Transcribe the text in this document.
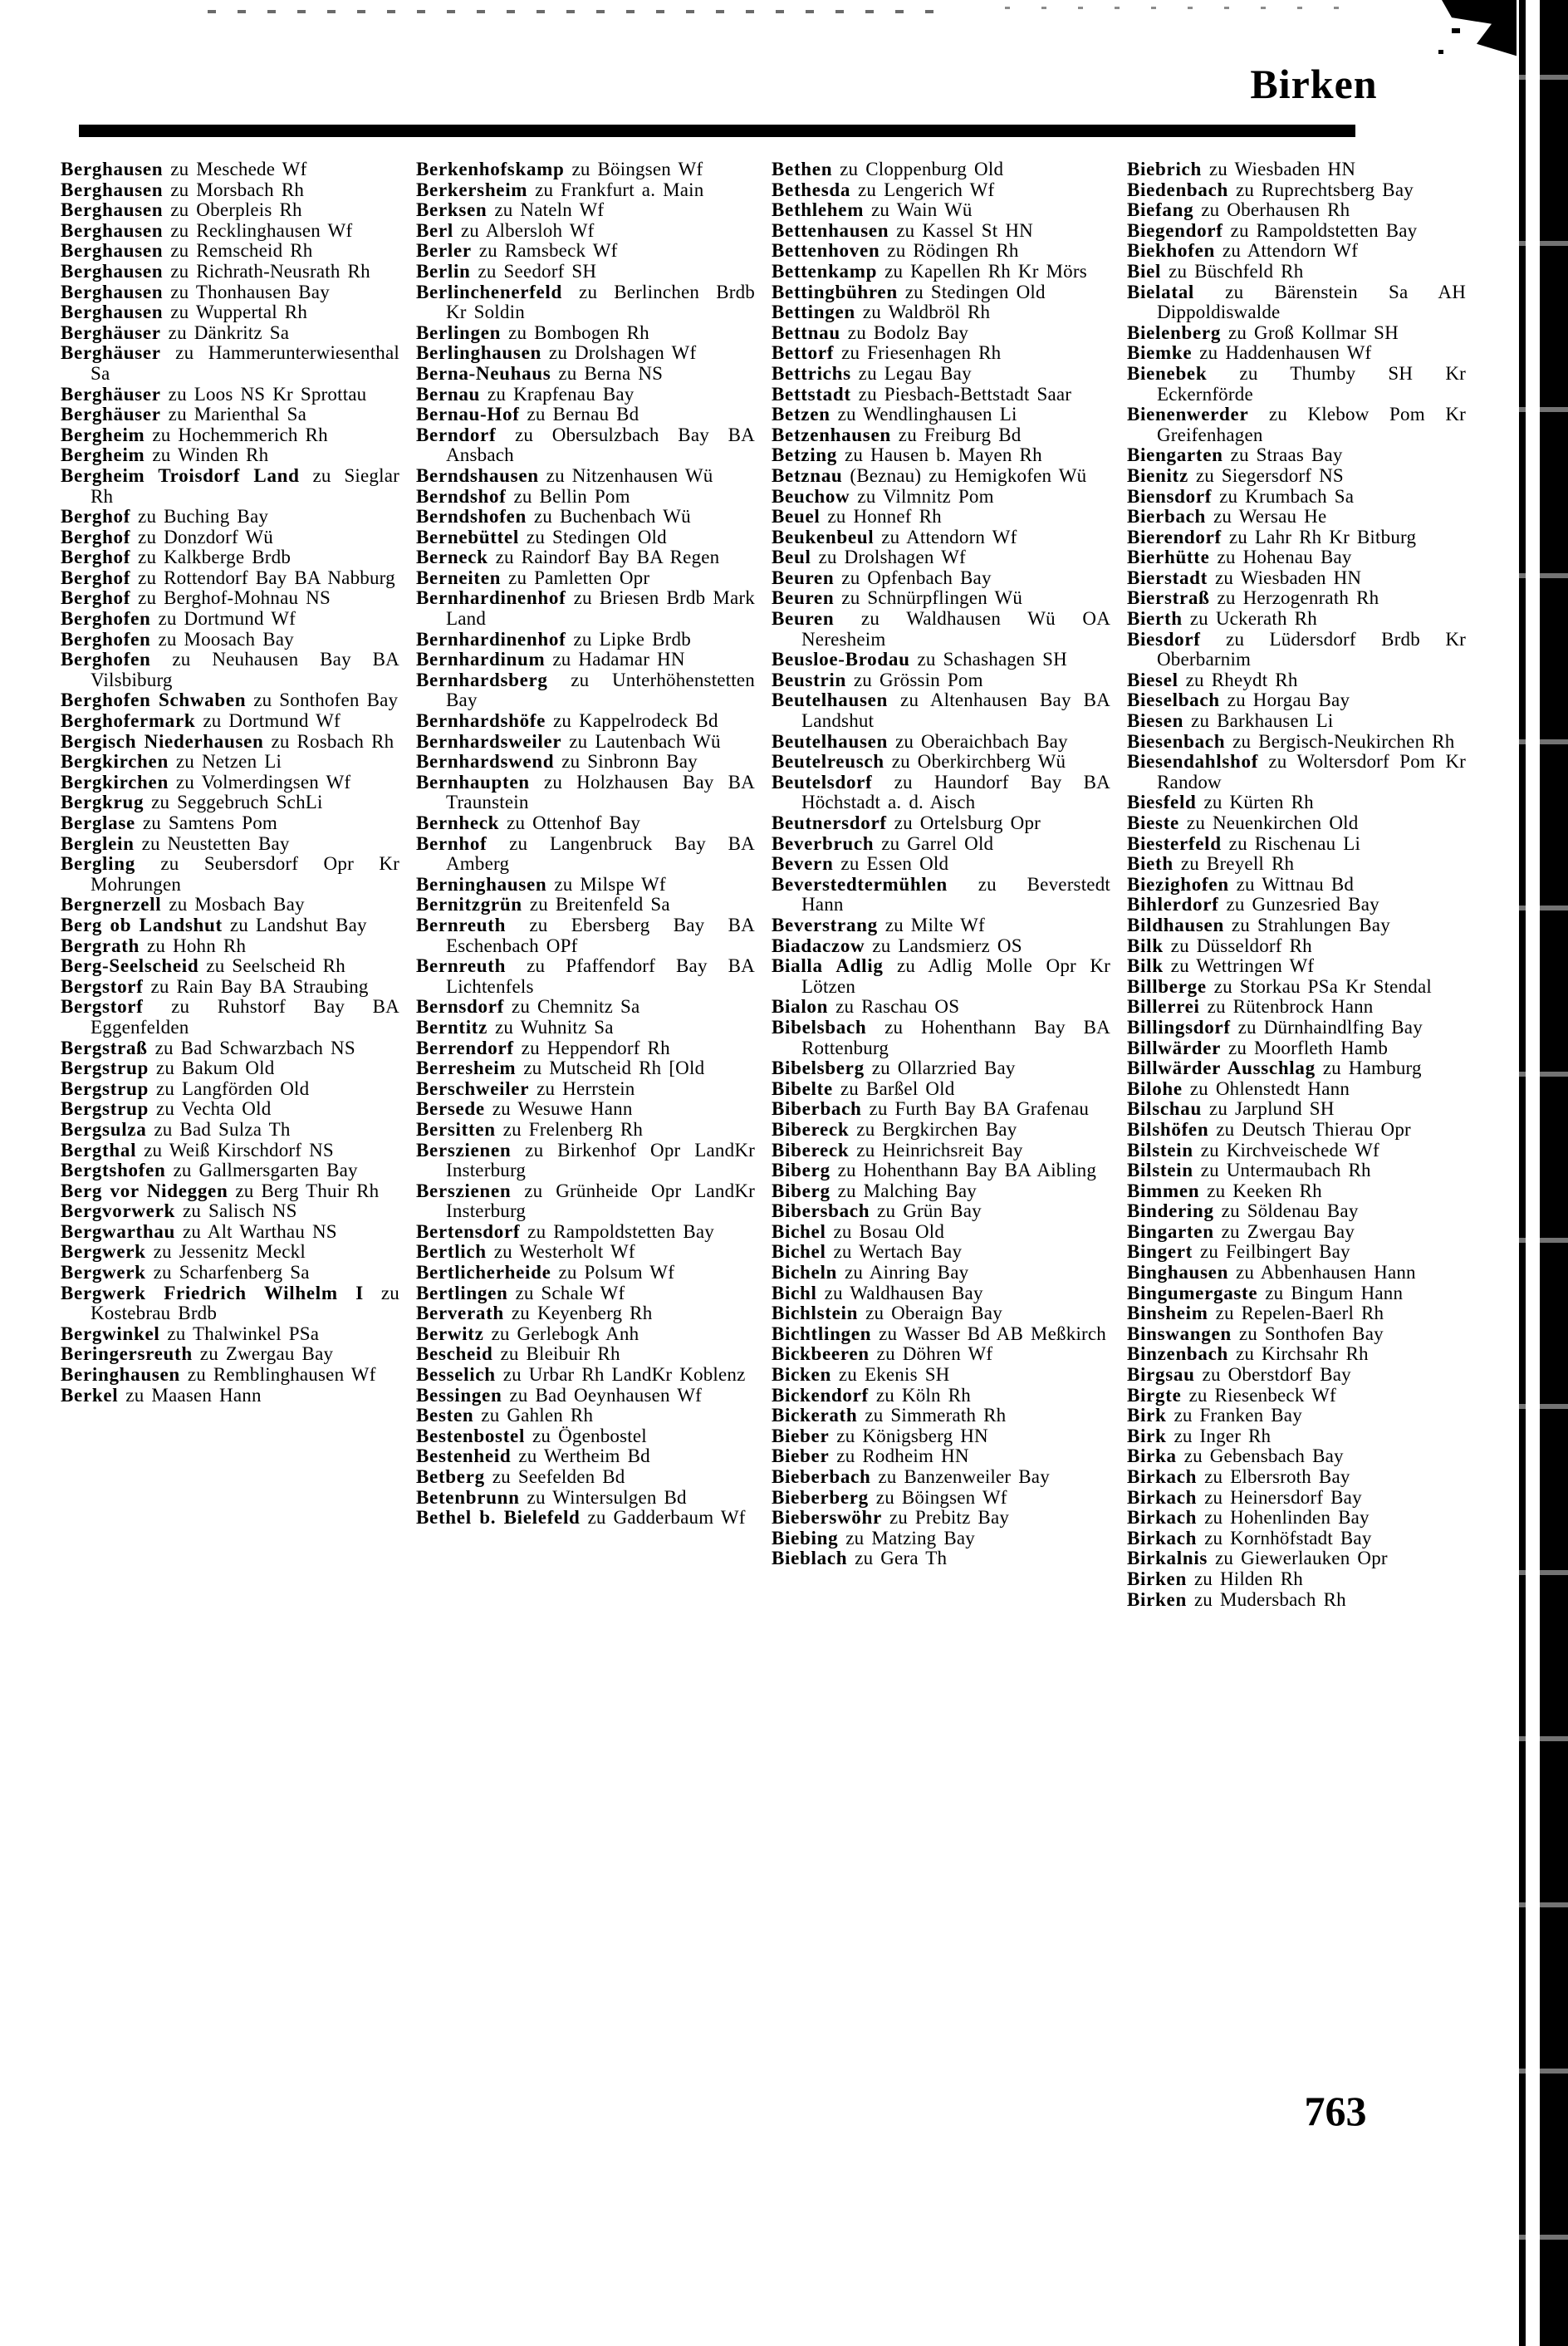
Birken
Berghausen zu Meschede Wf
Berghausen zu Morsbach Rh
Berghausen zu Oberpleis Rh
Berghausen zu Recklinghausen Wf
Berghausen zu Remscheid Rh
Berghausen zu Richrath-Neusrath Rh
Berghausen zu Thonhausen Bay
Berghausen zu Wuppertal Rh
Berghäuser zu Dänkritz Sa
Berghäuser zu Hammerunterwiesenthal Sa
Berghäuser zu Loos NS Kr Sprottau
Berghäuser zu Marienthal Sa
Bergheim zu Hochemmerich Rh
Bergheim zu Winden Rh
Bergheim Troisdorf Land zu Sieglar Rh
Berghof zu Buching Bay
Berghof zu Donzdorf Wü
Berghof zu Kalkberge Brdb
Berghof zu Rottendorf Bay BA Nabburg
Berghof zu Berghof-Mohnau NS
Berghofen zu Dortmund Wf
Berghofen zu Moosach Bay
Berghofen zu Neuhausen Bay BA Vilsbiburg
Berghofen Schwaben zu Sonthofen Bay
Berghofermark zu Dortmund Wf
Bergisch Niederhausen zu Rosbach Rh
Bergkirchen zu Netzen Li
Bergkirchen zu Volmerdingsen Wf
Bergkrug zu Seggebruch SchLi
Berglase zu Samtens Pom
Berglein zu Neustetten Bay
Bergling zu Seubersdorf Opr Kr Mohrungen
Bergnerzell zu Mosbach Bay
Berg ob Landshut zu Landshut Bay
Bergrath zu Hohn Rh
Berg-Seelscheid zu Seelscheid Rh
Bergstorf zu Rain Bay BA Straubing
Bergstorf zu Ruhstorf Bay BA Eggenfelden
Bergstraß zu Bad Schwarzbach NS
Bergstrup zu Bakum Old
Bergstrup zu Langförden Old
Bergstrup zu Vechta Old
Bergsulza zu Bad Sulza Th
Bergthal zu Weiß Kirschdorf NS
Bergtshofen zu Gallmersgarten Bay
Berg vor Nideggen zu Berg Thuir Rh
Bergvorwerk zu Salisch NS
Bergwarthau zu Alt Warthau NS
Bergwerk zu Jessenitz Meckl
Bergwerk zu Scharfenberg Sa
Bergwerk Friedrich Wilhelm I zu Kostebrau Brdb
Bergwinkel zu Thalwinkel PSa
Beringersreuth zu Zwergau Bay
Beringhausen zu Remblinghausen Wf
Berkel zu Maasen Hann
Berkenhofskamp zu Böingsen Wf
Berkersheim zu Frankfurt a. Main
Berksen zu Nateln Wf
Berl zu Albersloh Wf
Berler zu Ramsbeck Wf
Berlin zu Seedorf SH
Berlinchenerfeld zu Berlinchen Brdb Kr Soldin
Berlingen zu Bombogen Rh
Berlinghausen zu Drolshagen Wf
Berna-Neuhaus zu Berna NS
Bernau zu Krapfenau Bay
Bernau-Hof zu Bernau Bd
Berndorf zu Obersulzbach Bay BA Ansbach
Berndshausen zu Nitzenhausen Wü
Berndshof zu Bellin Pom
Berndshofen zu Buchenbach Wü
Bernebüttel zu Stedingen Old
Berneck zu Raindorf Bay BA Regen
Berneiten zu Pamletten Opr
Bernhardinenhof zu Briesen Brdb Mark Land
Bernhardinenhof zu Lipke Brdb
Bernhardinum zu Hadamar HN
Bernhardsberg zu Unterhöhenstetten Bay
Bernhardshöfe zu Kappelrodeck Bd
Bernhardsweiler zu Lautenbach Wü
Bernhardswend zu Sinbronn Bay
Bernhaupten zu Holzhausen Bay BA Traunstein
Bernheck zu Ottenhof Bay
Bernhof zu Langenbruck Bay BA Amberg
Berninghausen zu Milspe Wf
Bernitzgrün zu Breitenfeld Sa
Bernreuth zu Ebersberg Bay BA Eschenbach OPf
Bernreuth zu Pfaffendorf Bay BA Lichtenfels
Bernsdorf zu Chemnitz Sa
Berntitz zu Wuhnitz Sa
Berrendorf zu Heppendorf Rh
Berresheim zu Mutscheid Rh [Old
Berschweiler zu Herrstein
Bersede zu Wesuwe Hann
Bersitten zu Frelenberg Rh
Berszienen zu Birkenhof Opr LandKr Insterburg
Berszienen zu Grünheide Opr LandKr Insterburg
Bertensdorf zu Rampoldstetten Bay
Bertlich zu Westerholt Wf
Bertlicherheide zu Polsum Wf
Bertlingen zu Schale Wf
Berverath zu Keyenberg Rh
Berwitz zu Gerlebogk Anh
Bescheid zu Bleibuir Rh
Besselich zu Urbar Rh LandKr Koblenz
Bessingen zu Bad Oeynhausen Wf
Besten zu Gahlen Rh
Bestenbostel zu Ögenbostel
Bestenheid zu Wertheim Bd
Betberg zu Seefelden Bd
Betenbrunn zu Wintersulgen Bd
Bethel b. Bielefeld zu Gadderbaum Wf
Bethen zu Cloppenburg Old
Bethesda zu Lengerich Wf
Bethlehem zu Wain Wü
Bettenhausen zu Kassel St HN
Bettenhoven zu Rödingen Rh
Bettenkamp zu Kapellen Rh Kr Mörs
Bettingbühren zu Stedingen Old
Bettingen zu Waldbröl Rh
Bettnau zu Bodolz Bay
Bettorf zu Friesenhagen Rh
Bettrichs zu Legau Bay
Bettstadt zu Piesbach-Bettstadt Saar
Betzen zu Wendlinghausen Li
Betzenhausen zu Freiburg Bd
Betzing zu Hausen b. Mayen Rh
Betznau (Beznau) zu Hemigkofen Wü
Beuchow zu Vilmnitz Pom
Beuel zu Honnef Rh
Beukenbeul zu Attendorn Wf
Beul zu Drolshagen Wf
Beuren zu Opfenbach Bay
Beuren zu Schnürpflingen Wü
Beuren zu Waldhausen Wü OA Neresheim
Beusloe-Brodau zu Schashagen SH
Beustrin zu Grössin Pom
Beutelhausen zu Altenhausen Bay BA Landshut
Beutelhausen zu Oberaichbach Bay
Beutelreusch zu Oberkirchberg Wü
Beutelsdorf zu Haundorf Bay BA Höchstadt a. d. Aisch
Beutnersdorf zu Ortelsburg Opr
Beverbruch zu Garrel Old
Bevern zu Essen Old
Beverstedtermühlen zu Beverstedt Hann
Beverstrang zu Milte Wf
Biadaczow zu Landsmierz OS
Bialla Adlig zu Adlig Molle Opr Kr Lötzen
Bialon zu Raschau OS
Bibelsbach zu Hohenthann Bay BA Rottenburg
Bibelsberg zu Ollarzried Bay
Bibelte zu Barßel Old
Biberbach zu Furth Bay BA Grafenau
Bibereck zu Bergkirchen Bay
Bibereck zu Heinrichsreit Bay
Biberg zu Hohenthann Bay BA Aibling
Biberg zu Malching Bay
Bibersbach zu Grün Bay
Bichel zu Bosau Old
Bichel zu Wertach Bay
Bicheln zu Ainring Bay
Bichl zu Waldhausen Bay
Bichlstein zu Oberaign Bay
Bichtlingen zu Wasser Bd AB Meßkirch
Bickbeeren zu Döhren Wf
Bicken zu Ekenis SH
Bickendorf zu Köln Rh
Bickerath zu Simmerath Rh
Bieber zu Königsberg HN
Bieber zu Rodheim HN
Bieberbach zu Banzenweiler Bay
Bieberberg zu Böingsen Wf
Bieberswöhr zu Prebitz Bay
Biebing zu Matzing Bay
Bieblach zu Gera Th
Biebrich zu Wiesbaden HN
Biedenbach zu Ruprechtsberg Bay
Biefang zu Oberhausen Rh
Biegendorf zu Rampoldstetten Bay
Biekhofen zu Attendorn Wf
Biel zu Büschfeld Rh
Bielatal zu Bärenstein Sa AH Dippoldiswalde
Bielenberg zu Groß Kollmar SH
Biemke zu Haddenhausen Wf
Bienebek zu Thumby SH Kr Eckernförde
Bienenwerder zu Klebow Pom Kr Greifenhagen
Biengarten zu Straas Bay
Bienitz zu Siegersdorf NS
Biensdorf zu Krumbach Sa
Bierbach zu Wersau He
Bierendorf zu Lahr Rh Kr Bitburg
Bierhütte zu Hohenau Bay
Bierstadt zu Wiesbaden HN
Bierstraß zu Herzogenrath Rh
Bierth zu Uckerath Rh
Biesdorf zu Lüdersdorf Brdb Kr Oberbarnim
Biesel zu Rheydt Rh
Bieselbach zu Horgau Bay
Biesen zu Barkhausen Li
Biesenbach zu Bergisch-Neukirchen Rh
Biesendahlshof zu Woltersdorf Pom Kr Randow
Biesfeld zu Kürten Rh
Bieste zu Neuenkirchen Old
Biesterfeld zu Rischenau Li
Bieth zu Breyell Rh
Biezighofen zu Wittnau Bd
Bihlerdorf zu Gunzesried Bay
Bildhausen zu Strahlungen Bay
Bilk zu Düsseldorf Rh
Bilk zu Wettringen Wf
Billberge zu Storkau PSa Kr Stendal
Billerrei zu Rütenbrock Hann
Billingsdorf zu Dürnhaindlfing Bay
Billwärder zu Moorfleth Hamb
Billwärder Ausschlag zu Hamburg
Bilohe zu Ohlenstedt Hann
Bilschau zu Jarplund SH
Bilshöfen zu Deutsch Thierau Opr
Bilstein zu Kirchveischede Wf
Bilstein zu Untermaubach Rh
Bimmen zu Keeken Rh
Bindering zu Söldenau Bay
Bingarten zu Zwergau Bay
Bingert zu Feilbingert Bay
Binghausen zu Abbenhausen Hann
Bingumergaste zu Bingum Hann
Binsheim zu Repelen-Baerl Rh
Binswangen zu Sonthofen Bay
Binzenbach zu Kirchsahr Rh
Birgsau zu Oberstdorf Bay
Birgte zu Riesenbeck Wf
Birk zu Franken Bay
Birk zu Inger Rh
Birka zu Gebensbach Bay
Birkach zu Elbersroth Bay
Birkach zu Heinersdorf Bay
Birkach zu Hohenlinden Bay
Birkach zu Kornhöfstadt Bay
Birkalnis zu Giewerlauken Opr
Birken zu Hilden Rh
Birken zu Mudersbach Rh
763
